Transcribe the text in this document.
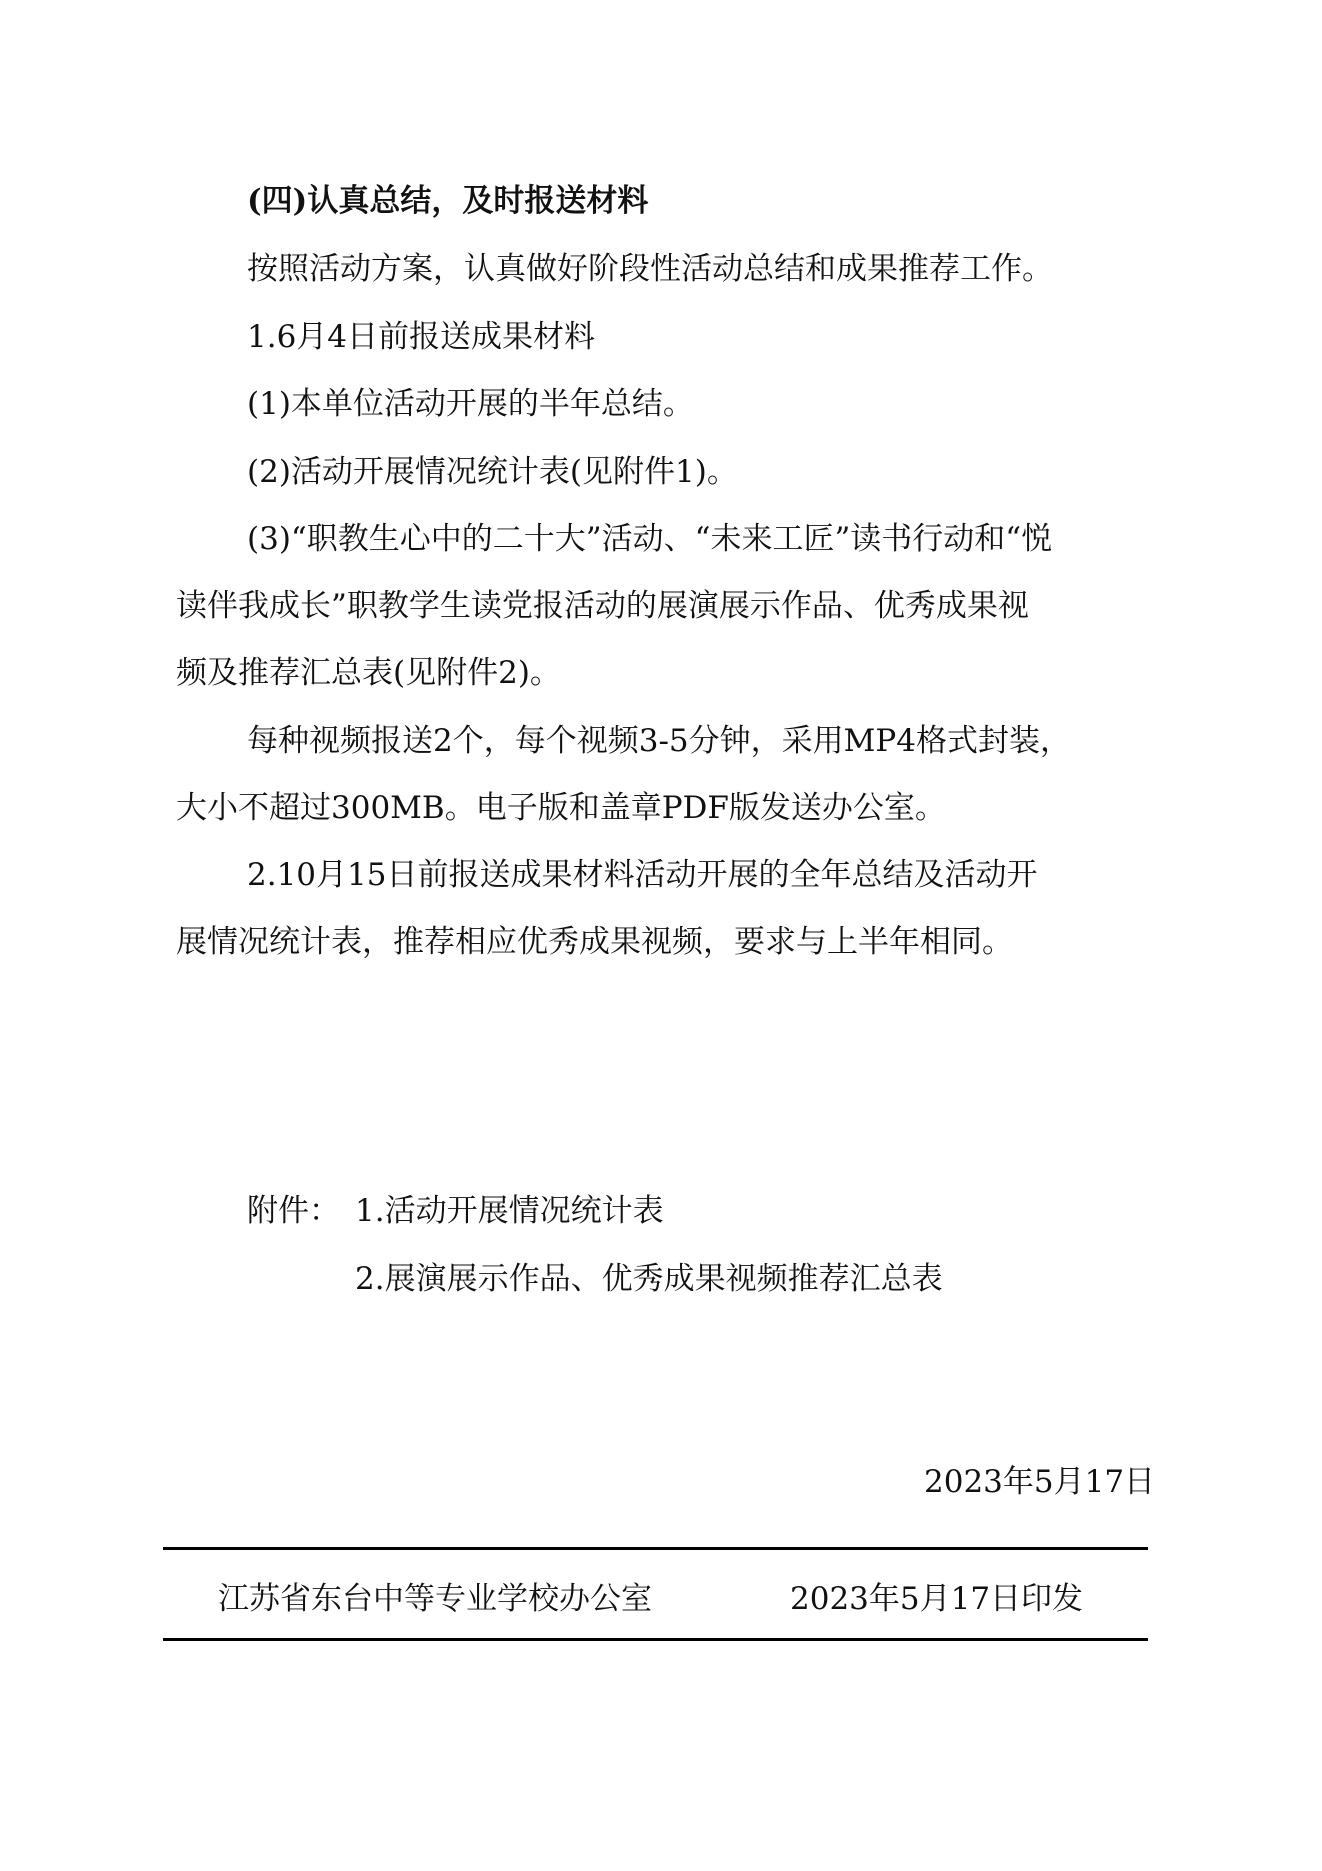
(四)认真总结，及时报送材料
按照活动方案，认真做好阶段性活动总结和成果推荐工作。
1.6月4日前报送成果材料
(1)本单位活动开展的半年总结。
(2)活动开展情况统计表(见附件1)。
(3)“职教生心中的二十大”活动、“未来工匠”读书行动和“悦
读伴我成长”职教学生读党报活动的展演展示作品、优秀成果视
频及推荐汇总表(见附件2)。
每种视频报送2个，每个视频3-5分钟，采用MP4格式封装，
大小不超过300MB。电子版和盖章PDF版发送办公室。
2.10月15日前报送成果材料活动开展的全年总结及活动开
展情况统计表，推荐相应优秀成果视频，要求与上半年相同。
附件： 1.活动开展情况统计表
2.展演展示作品、优秀成果视频推荐汇总表
2023年5月17日
江苏省东台中等专业学校办公室	2023年5月17日印发
